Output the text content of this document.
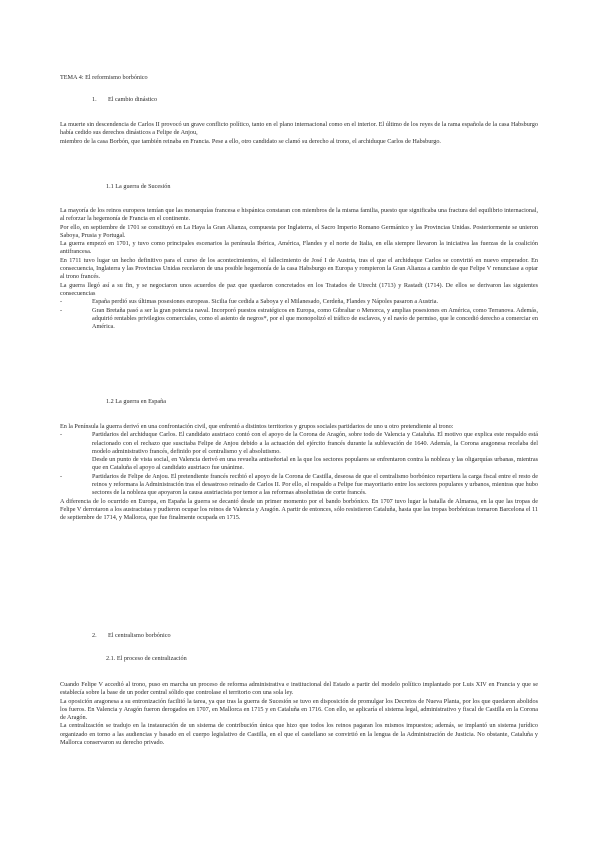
TEMA 4: El reformismo borbónico
1. El cambio dinástico

La muerte sin descendencia de Carlos II provocó un grave conflicto político, tanto en el plano internacional como en el interior. El último de los reyes de la rama española de la casa Habsburgo había cedido sus derechos dinásticos a Felipe de Anjou,

miembro de la casa Borbón, que también reinaba en Francia. Pese a ello, otro candidato se clamó su derecho al trono, el archiduque Carlos de Habsburgo.

1.1 La guerra de Sucesión

La mayoría de los reinos europeos temían que las monarquías francesa e hispánica constaran con miembros de la misma familia, puesto que significaba una fractura del equilibrio internacional, al reforzar la hegemonía de Francia en el continente.

Por ello, en septiembre de 1701 se constituyó en La Haya la Gran Alianza, compuesta por Inglaterra, el Sacro Imperio Romano Germánico y las Provincias Unidas. Posteriormente se unieron Saboya, Prusia y Portugal.

La guerra empezó en 1701, y tuvo como principales escenarios la península Ibérica, América, Flandes y el norte de Italia, en ella siempre llevaron la iniciativa las fuerzas de la coalición antifrancesa.

En 1711 tuvo lugar un hecho definitivo para el curso de los acontecimientos, el fallecimiento de José I de Austria, tras el que el archiduque Carlos se convirtió en nuevo emperador. En consecuencia, Inglaterra y las Provincias Unidas recelaron de una posible hegemonía de la casa Habsburgo en Europa y rompieron la Gran Alianza a cambio de que Felipe V renunciase a optar al trono francés.

La guerra llegó así a su fin, y se negociaron unos acuerdos de paz que quedaron concretados en los Tratados de Utrecht (1713) y Rastadt (1714). De ellos se derivaron las siguientes consecuencias

-	España perdió sus últimas posesiones europeas. Sicilia fue cedida a Saboya y el Milanesado, Cerdeña, Flandes y Nápoles pasaron a Austria.

-	Gran Bretaña pasó a ser la gran potencia naval. Incorporó puestos estratégicos en Europa, como Gibraltar o Menorca, y amplias posesiones en América, como Terranova. Además, adquirió rentables privilegios comerciales, como el asiento de negros*, por el que monopolizó el tráfico de esclavos, y el navío de permiso, que le concedió derecho a comerciar en América.

1.2 La guerra en España

En la Península la guerra derivó en una confrontación civil, que enfrentó a distintos territorios y grupos sociales partidarios de uno u otro pretendiente al trono:

-	Partidarios del archiduque Carlos. El candidato austriaco contó con el apoyo de la Corona de Aragón, sobre todo de Valencia y Cataluña. El motivo que explica este respaldo está relacionado con el rechazo que suscitaba Felipe de Anjou debido a la actuación del ejército francés durante la sublevación de 1640. Además, la Corona aragonesa recelaba del modelo administrativo francés, definido por el centralismo y el absolutismo.

Desde un punto de vista social, en Valencia derivó en una revuelta antiseñorial en la que los sectores populares se enfrentaron contra la nobleza y las oligarquías urbanas, mientras que en Cataluña el apoyo al candidato austriaco fue unánime.

-	Partidarios de Felipe de Anjou. El pretendiente francés recibió el apoyo de la Corona de Castilla, deseosa de que el centralismo borbónico repartiera la carga fiscal entre el resto de reinos y reformara la Administración tras el desastroso reinado de Carlos II. Por ello, el respaldo a Felipe fue mayoritario entre los sectores populares y urbanos, mientras que hubo sectores de la nobleza que apoyaron la causa austriacista por temor a las reformas absolutistas de corte francés.

A diferencia de lo ocurrido en Europa, en España la guerra se decantó desde un primer momento por el bando borbónico. En 1707 tuvo lugar la batalla de Almansa, en la que las tropas de Felipe V derrotaron a los austracistas y pudieron ocupar los reinos de Valencia y Aragón. A partir de entonces, sólo resistieron Cataluña, hasta que las tropas borbónicas tomaron Barcelona el 11 de septiembre de 1714, y Mallorca, que fue finalmente ocupada en 1715.

2. El centralismo borbónico
2.1. El proceso de centralización

Cuando Felipe V accedió al trono, puso en marcha un proceso de reforma administrativa e institucional del Estado a partir del modelo político implantado por Luis XIV en Francia y que se establecía sobre la base de un poder central sólido que controlase el territorio con una sola ley.

La oposición aragonesa a su entronización facilitó la tarea, ya que tras la guerra de Sucesión se tuvo en disposición de promulgar los Decretos de Nueva Planta, por los que quedaron abolidos los fueros. En Valencia y Aragón fueron derogados en 1707, en Mallorca en 1715 y en Cataluña en 1716. Con ello, se aplicaría el sistema legal, administrativo y fiscal de Castilla en la Corona de Aragón.

La centralización se tradujo en la instauración de un sistema de contribución única que hizo que todos los reinos pagaran los mismos impuestos; además, se implantó un sistema jurídico organizado en torno a las audiencias y basado en el cuerpo legislativo de Castilla, en el que el castellano se convirtió en la lengua de la Administración de Justicia. No obstante, Cataluña y Mallorca conservaron su derecho privado.
